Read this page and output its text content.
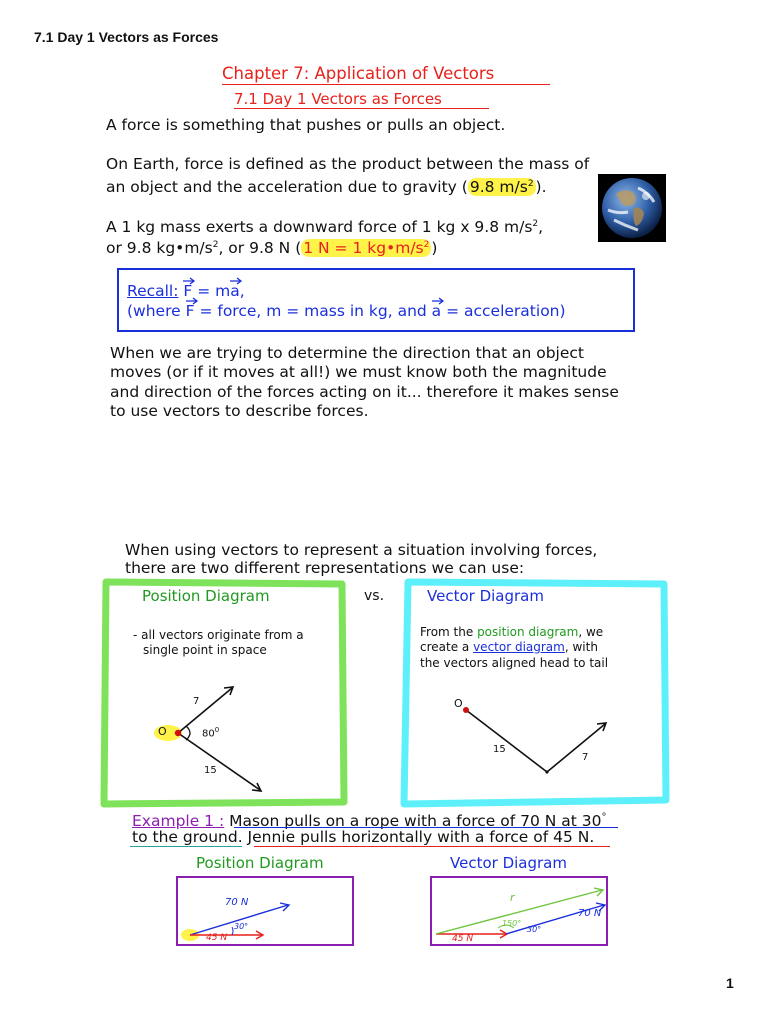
7.1 Day 1 Vectors as Forces
Chapter 7: Application of Vectors
7.1 Day 1 Vectors as Forces
A force is something that pushes or pulls an object.
On Earth, force is defined as the product between the mass of
an object and the acceleration due to gravity ( 9.8 $m/s^2$ ).
A 1 kg mass exerts a downward force of 1 kg x 9.8 $m/s^2$,
or 9.8 $kg•m/s^2$, or 9.8 N ( 1 N = 1 $kg•m/s^2$ )
Recall: F
= ma
,
(where F
= force, m = mass in kg, and a
= acceleration)
When we are trying to determine the direction that an object
moves (or if it moves at all!) we must know both the magnitude
and direction of the forces acting on it... therefore it makes sense
to use vectors to describe forces.
When using vectors to represent a situation involving forces,
there are two different representations we can use:
Position Diagram
- all vectors originate from a
single point in space
7
O	$80^0$
15
vs.	Vector Diagram
From the position diagram, we
create a vector diagram, with
the vectors aligned head to tail
O
15
7
Example 1 : Mason pulls on a rope with a force of 70 N at 30°
to the ground. Jennie pulls horizontally with a force of 45 N.
Position Diagram	Vector Diagram
70 N
30°
45 N
r
150°
30°
70 N
45 N
1
